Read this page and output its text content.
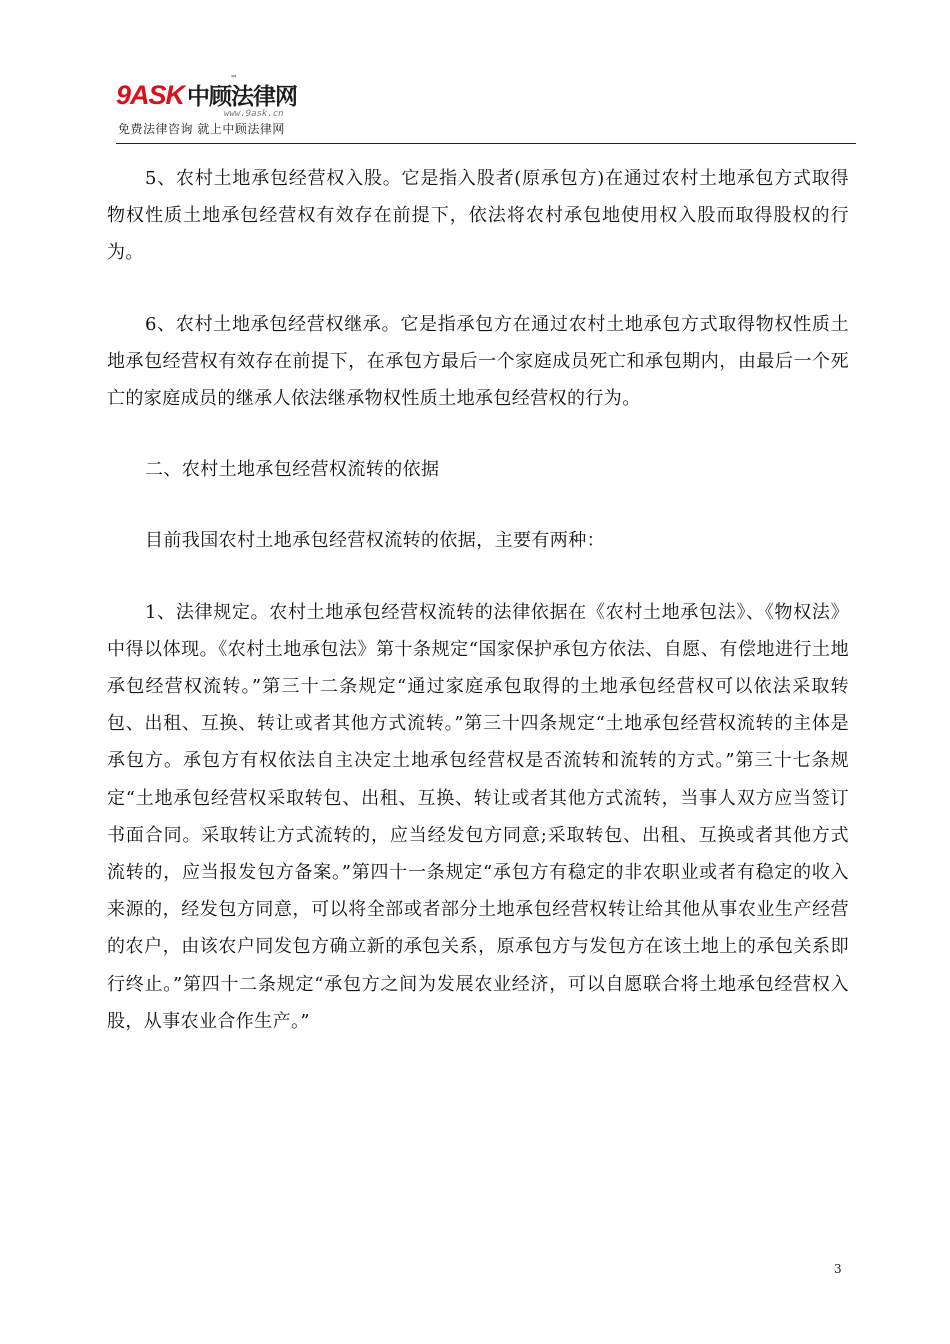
9ASK 中顾法律网
™
www.9ask.cn
免费法律咨询 就上中顾法律网

5、农村土地承包经营权入股。它是指入股者(原承包方)在通过农村土地承包方式取得物权性质土地承包经营权有效存在前提下，依法将农村承包地使用权入股而取得股权的行为。

6、农村土地承包经营权继承。它是指承包方在通过农村土地承包方式取得物权性质土地承包经营权有效存在前提下，在承包方最后一个家庭成员死亡和承包期内，由最后一个死亡的家庭成员的继承人依法继承物权性质土地承包经营权的行为。

二、农村土地承包经营权流转的依据

目前我国农村土地承包经营权流转的依据，主要有两种：

1、法律规定。农村土地承包经营权流转的法律依据在《农村土地承包法》、《物权法》中得以体现。《农村土地承包法》第十条规定“国家保护承包方依法、自愿、有偿地进行土地承包经营权流转。”第三十二条规定“通过家庭承包取得的土地承包经营权可以依法采取转包、出租、互换、转让或者其他方式流转。”第三十四条规定“土地承包经营权流转的主体是承包方。承包方有权依法自主决定土地承包经营权是否流转和流转的方式。”第三十七条规定“土地承包经营权采取转包、出租、互换、转让或者其他方式流转，当事人双方应当签订书面合同。采取转让方式流转的，应当经发包方同意;采取转包、出租、互换或者其他方式流转的，应当报发包方备案。”第四十一条规定“承包方有稳定的非农职业或者有稳定的收入来源的，经发包方同意，可以将全部或者部分土地承包经营权转让给其他从事农业生产经营的农户，由该农户同发包方确立新的承包关系，原承包方与发包方在该土地上的承包关系即行终止。”第四十二条规定“承包方之间为发展农业经济，可以自愿联合将土地承包经营权入股，从事农业合作生产。”

3
